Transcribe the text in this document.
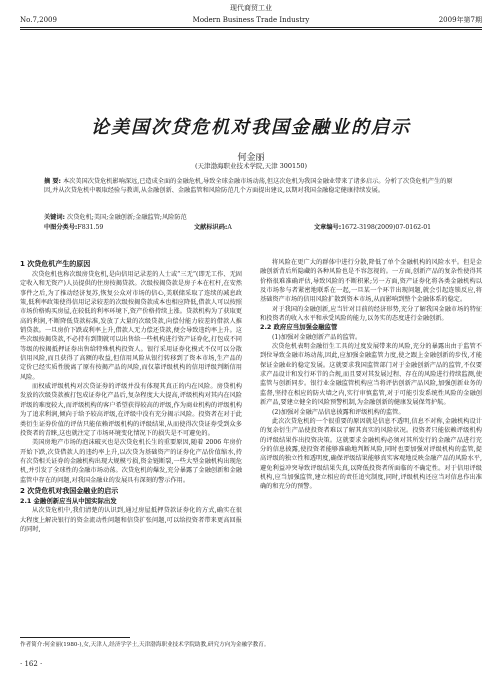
现代商贸工业
No.7,2009	Modern Business Trade Industry	2009年第7期
论美国次贷危机对我国金融业的启示
何金丽
(天津渤海职业技术学院,天津 300150)
摘 要: 本次美国次贷危机影响深远,已造成全面的金融危机,导致全球金融市场动荡,但这次危机为我国金融业带来了诸多启示。分析了次贷危机产生的原因,并从次贷危机中吸取经验与教训,从金融创新、金融监管和风险防范几个方面提出建议,以期对我国金融稳定健康持续发展。
关键词: 次贷危机;美国;金融创新;金融监管;风险防范
中图分类号:F831.59	文献标识码:A	文章编号:1672-3198(2009)07-0162-01
1 次贷危机产生的原因

次贷危机也称次级房贷危机,是向信用记录差的人士或“三无”(即无工作、无固定收入和无资产)人员提供的住房按揭贷款。次级按揭贷款是房子本在杠杆,在安然事件之后,为了推动经济复苏,恢复公众对市场的信心,美联储采取了连续的减息政策,低利率政策使得信用记录较差的次级按揭贷款成本也相应降低,借款人可以按照市场价格购买房屋,在较低的利率环境下,资产价格持续上涨。贷款机构为了获取更高的利润,不断降低贷款标准,发放了大量的次级贷款,向偿付能力较差的借款人推销贷款。一旦房价下跌或利率上升,借款人无力偿还贷款,便会导致违约率上升。这些次级按揭贷款,不必持有到期就可以出售给一些机构进行资产证券化,打包成不同等级的按揭抵押证券出售给特殊机构投资人。银行采用证券化模式不仅可以分散信用风险,而且获得了高额的收益,但信用风险从银行转移到了资本市场,生产品的定价已经实质性脱离了原有按揭产品的风险,而仅靠评级机构的信用评级判断信用风险。

而权威评级机构对次贷证券的评级并没有体现其真正的内在风险。房贷机构发放的次级贷款被打包成证券化产品后,复杂程度大大提高,评级机构对其内在风险评级的难度较大,而评级机构的客户希望获得较高的评级,作为商业机构的评级机构为了追求利润,倾向于给予较高评级,在评级中没有充分揭示风险。投资者在对于此类衍生证券价值的评估只能依赖评级机构的评级结果,从而使得次贷证券受到众多投资者的青睐,这也就注定了市场环境变化情况下的损失是不可避免的。

美国房地产市场的泡沫破灭也是次贷危机长生的重要原因,随着 2006 年房价开始下跌,次贷借款人的违约率上升,以次贷为基础资产的证券化产品价值缩水,持有次贷相关证券的金融机构出现大规模亏损,资金链断裂,一些大型金融机构出现危机,并引发了全球性的金融市场动荡。次贷危机的爆发,充分暴露了金融创新和金融监管中存在的问题,对我国金融业的发展具有深刻的警示作用。

2 次贷危机对我国金融业的启示
2.1 金融创新应当从中国实际出发

从次贷危机中,我们清楚的认识到,通过房屋抵押贷款证券化的方式,确实在很大程度上解决银行的资金流动性问题和信贷扩张问题,可以给投资者带来更高回报的同时,

将风险在更广大的群体中进行分散,降低了单个金融机构的风险水平。但是金融创新背后所隐藏的各种风险也是不容忽视的。一方面,创新产品的复杂性使得其价格很难准确评估,导致风险的不断积累;另一方面,资产证券化将各类金融机构以及市场参与者紧密地联系在一起,一旦某一个环节出现问题,就会引起连锁反应,将基础资产市场的信用风险扩散到资本市场,从而影响到整个金融体系的稳定。

对于我国的金融创新,应当针对目前的经济形势,充分了解我国金融市场的特征和投资者的收入水平和承受风险的能力,以务实的态度进行金融创新。

2.2 政府应当加强金融监管
(1)加强对金融创新产品的监管。

次贷危机表明金融衍生工具的过度发展带来的风险,充分的暴露出由于监管不到位导致金融市场动荡,因此,应加强金融监管力度,使之跟上金融创新的步伐,才能保证金融业的稳定发展。这就要求我国监管部门对于金融创新产品的监管,不仅要求产品设计和发行环节的合规,而且要对其发展过程、存在的风险进行持续监测,使监管与创新同步。银行业金融监管机构应当将评估创新产品风险,加强创新业务的监督,坚持在相应的防火墙之内,实行审慎监管,对于可能引发系统性风险的金融创新产品,要建立健全的风险预警机制,为金融创新的健康发展保驾护航。

(2)加强对金融产品信息披露和评级机构的监管。

此次次贷危机的一个很重要的原因就是信息不透明,信息不对称,金融机构设计的复杂衍生产品使投资者难以了解其真实的风险状况。投资者只能依赖评级机构的评级结果作出投资决策。这就要求金融机构必须对其所发行的金融产品进行充分的信息披露,使投资者能够准确地判断风险,同时也要加强对评级机构的监管,提高评级的独立性和透明度,确保评级结果能够真实客观地反映金融产品的风险水平,避免利益冲突导致评级结果失真,以降低投资者所面临的不确定性。对于信用评级机构,应当加强监管,建立相应的责任追究制度,同时,评级机构还应当对信息作出准确的和充分的预警。

作者简介:何金丽(1980-),女,天津人,经济学学士,天津渤海职业技术学院助教,研究方向为金融学教育。
· 162 ·
